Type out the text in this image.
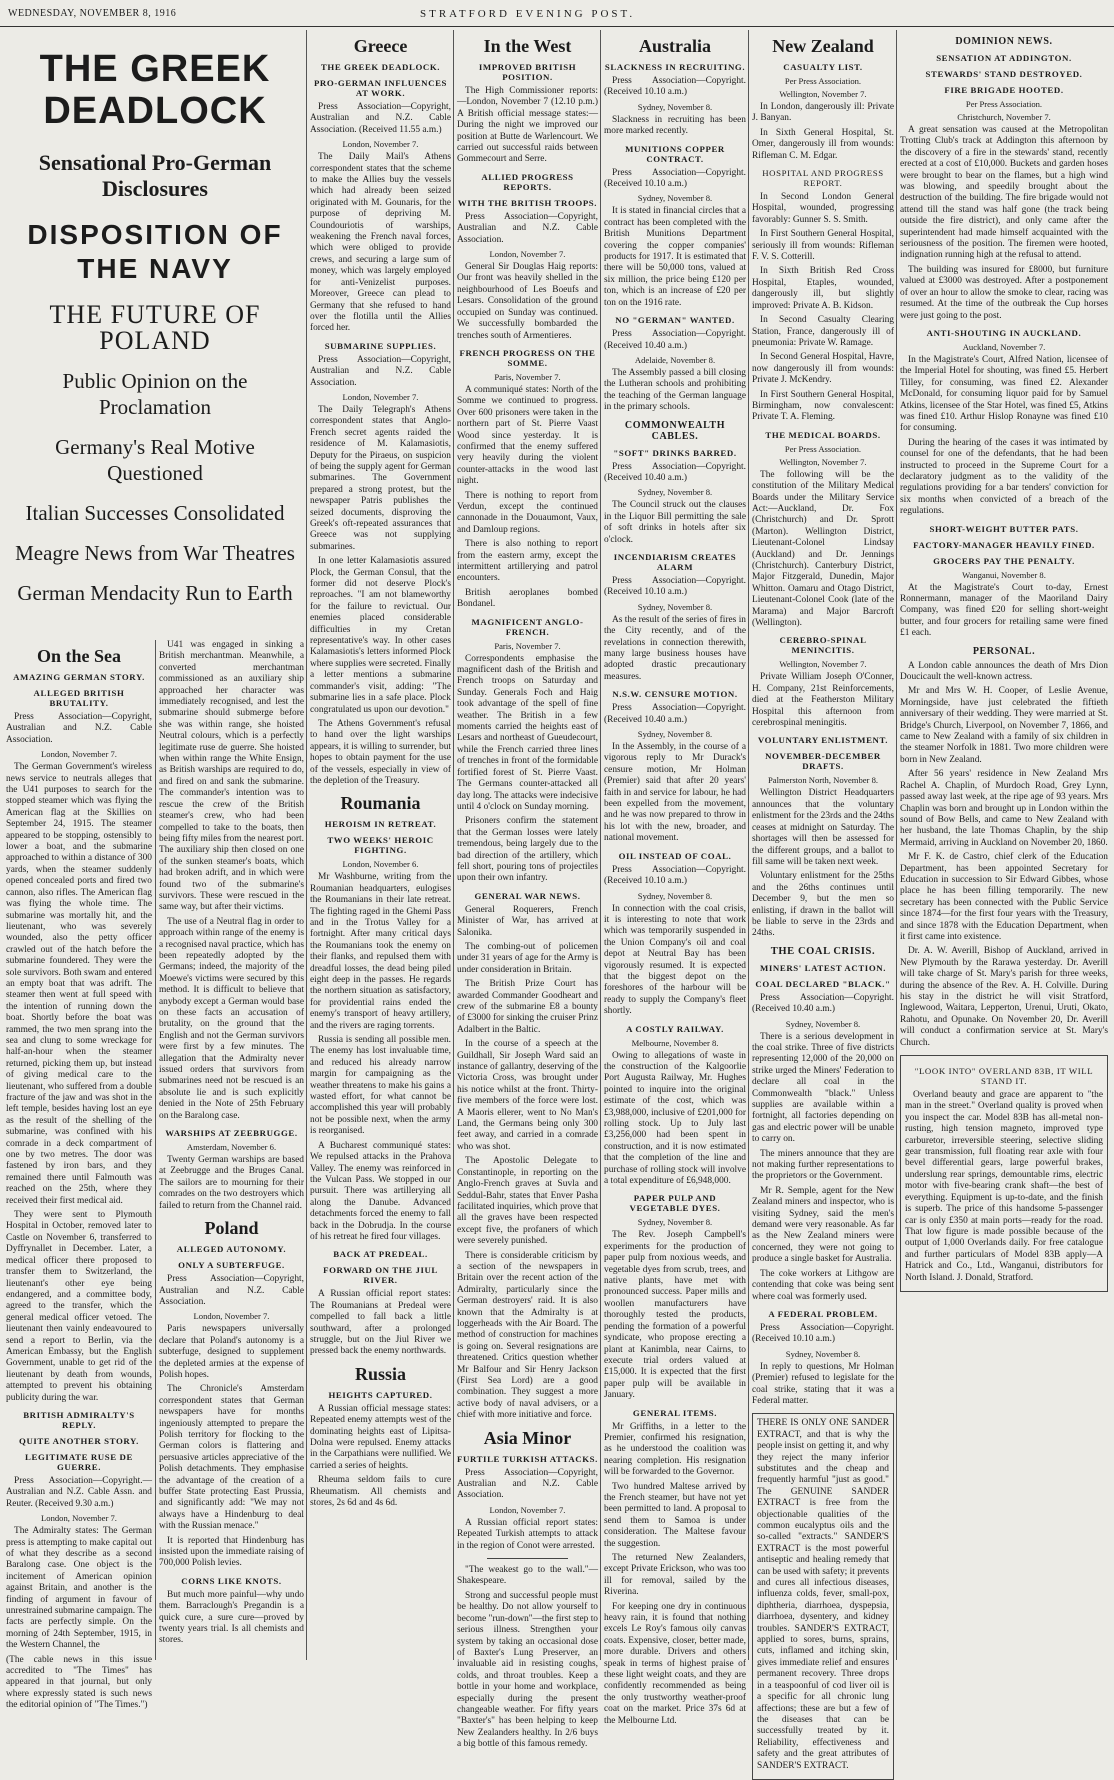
WEDNESDAY, NOVEMBER 8, 1916	STRATFORD EVENING POST.
THE GREEK DEADLOCK
Sensational Pro-German Disclosures
DISPOSITION OF THE NAVY
THE FUTURE OF POLAND
Public Opinion on the Proclamation
Germany's Real Motive Questioned
Italian Successes Consolidated
Meagre News from War Theatres
German Mendacity Run to Earth
On the Sea
AMAZING GERMAN STORY.
ALLEGED BRITISH BRUTALITY.

Press Association—Copyright, Australian and N.Z. Cable Association.

London, November 7.

The German Government's wireless news service to neutrals alleges that the U41 purposes to search for the stopped steamer which was flying the American flag at the Skillies on September 24, 1915. The steamer appeared to be stopping, ostensibly to lower a boat, and the submarine approached to within a distance of 300 yards, when the steamer suddenly opened concealed ports and fired two cannon, also rifles. The American flag was flying the whole time. The submarine was mortally hit, and the lieutenant, who was severely wounded, also the petty officer crawled out of the hatch before the submarine foundered. They were the sole survivors. Both swam and entered an empty boat that was adrift. The steamer then went at full speed with the intention of running down the boat. Shortly before the boat was rammed, the two men sprang into the sea and clung to some wreckage for half-an-hour when the steamer returned, picking them up, but instead of giving medical care to the lieutenant, who suffered from a double fracture of the jaw and was shot in the left temple, besides having lost an eye as the result of the shelling of the submarine, was confined with his comrade in a deck compartment of one by two metres. The door was fastened by iron bars, and they remained there until Falmouth was reached on the 25th, where they received their first medical aid.

They were sent to Plymouth Hospital in October, removed later to Castle on November 6, transferred to Dyffrynallet in December. Later, a medical officer there proposed to transfer them to Switzerland, the lieutenant's other eye being endangered, and a committee body, agreed to the transfer, which the general medical officer vetoed. The lieutenant then vainly endeavoured to send a report to Berlin, via the American Embassy, but the English Government, unable to get rid of the lieutenant by death from wounds, attempted to prevent his obtaining publicity during the war.

BRITISH ADMIRALTY'S REPLY.
QUITE ANOTHER STORY.
LEGITIMATE RUSE DE GUERRE.

Press Association—Copyright.—Australian and N.Z. Cable Assn. and Reuter. (Received 9.30 a.m.)

London, November 7.

The Admiralty states: The German press is attempting to make capital out of what they describe as a second Baralong case. One object is the incitement of American opinion against Britain, and another is the finding of argument in favour of unrestrained submarine campaign. The facts are perfectly simple. On the morning of 24th September, 1915, in the Western Channel, the

(The cable news in this issue accredited to "The Times" has appeared in that journal, but only where expressly stated is such news the editorial opinion of "The Times.")

U41 was engaged in sinking a British merchantman. Meanwhile, a converted merchantman commissioned as an auxiliary ship approached her character was immediately recognised, and lest the submarine should submerge before she was within range, she hoisted Neutral colours, which is a perfectly legitimate ruse de guerre. She hoisted when within range the White Ensign, as British warships are required to do, and fired on and sank the submarine. The commander's intention was to rescue the crew of the British steamer's crew, who had been compelled to take to the boats, then being fifty miles from the nearest port. The auxiliary ship then closed on one of the sunken steamer's boats, which had broken adrift, and in which were found two of the submarine's survivors. These were rescued in the same way, but after their victims.

The use of a Neutral flag in order to approach within range of the enemy is a recognised naval practice, which has been repeatedly adopted by the Germans; indeed, the majority of the Moewe's victims were secured by this method. It is difficult to believe that anybody except a German would base on these facts an accusation of brutality, on the ground that the English and not the German survivors were first by a few minutes. The allegation that the Admiralty never issued orders that survivors from submarines need not be rescued is an absolute lie and is such explicitly denied in the Note of 25th February on the Baralong case.

WARSHIPS AT ZEEBRUGGE.
Amsterdam, November 6.

Twenty German warships are based at Zeebrugge and the Bruges Canal. The sailors are to mourning for their comrades on the two destroyers which failed to return from the Channel raid.

Poland
ALLEGED AUTONOMY.
ONLY A SUBTERFUGE.

Press Association—Copyright, Australian and N.Z. Cable Association.

London, November 7.

Paris newspapers universally declare that Poland's autonomy is a subterfuge, designed to supplement the depleted armies at the expense of Polish hopes.

The Chronicle's Amsterdam correspondent states that German newspapers have for months ingeniously attempted to prepare the Polish territory for flocking to the German colors is flattering and persuasive articles appreciative of the Polish detachments. They emphasise the advantage of the creation of a buffer State protecting East Prussia, and significantly add: "We may not always have a Hindenburg to deal with the Russian menace."

It is reported that Hindenburg has insisted upon the immediate raising of 700,000 Polish levies.

CORNS LIKE KNOTS.

But much more painful—why undo them. Barraclough's Pregandin is a quick cure, a sure cure—proved by twenty years trial. Is all chemists and stores.

Greece
THE GREEK DEADLOCK.
PRO-GERMAN INFLUENCES AT WORK.

Press Association—Copyright, Australian and N.Z. Cable Association. (Received 11.55 a.m.)

London, November 7.

The Daily Mail's Athens correspondent states that the scheme to make the Allies buy the vessels which had already been seized originated with M. Gounaris, for the purpose of depriving M. Coundouriotis of warships, weakening the French naval forces, which were obliged to provide crews, and securing a large sum of money, which was largely employed for anti-Venizelist purposes. Moreover, Greece can plead to Germany that she refused to hand over the flotilla until the Allies forced her.

SUBMARINE SUPPLIES.

Press Association—Copyright, Australian and N.Z. Cable Association.

London, November 7.

The Daily Telegraph's Athens correspondent states that Anglo-French secret agents raided the residence of M. Kalamasiotis, Deputy for the Piraeus, on suspicion of being the supply agent for German submarines. The Government prepared a strong protest, but the newspaper Patris publishes the seized documents, disproving the Greek's oft-repeated assurances that Greece was not supplying submarines.

In one letter Kalamasiotis assured Plock, the German Consul, that the former did not deserve Plock's reproaches. "I am not blameworthy for the failure to revictual. Our enemies placed considerable difficulties in my Cretan representative's way. In other cases Kalamasiotis's letters informed Plock where supplies were secreted. Finally a letter mentions a submarine commander's visit, adding: "The submarine lies in a safe place. Plock congratulated us upon our devotion."

The Athens Government's refusal to hand over the light warships appears, it is willing to surrender, but hopes to obtain payment for the use of the vessels, especially in view of the depletion of the Treasury.

Roumania
HEROISM IN RETREAT.
TWO WEEKS' HEROIC FIGHTING.
London, November 6.

Mr Washburne, writing from the Roumanian headquarters, eulogises the Roumanians in their late retreat. The fighting raged in the Ghemi Pass and in the Trotus Valley for a fortnight. After many critical days the Roumanians took the enemy on their flanks, and repulsed them with dreadful losses, the dead being piled eight deep in the passes. He regards the northern situation as satisfactory, for providential rains ended the enemy's transport of heavy artillery, and the rivers are raging torrents.

Russia is sending all possible men. The enemy has lost invaluable time, and reduced his already narrow margin for campaigning as the weather threatens to make his gains a wasted effort, for what cannot be accomplished this year will probably not be possible next, when the army is reorganised.

A Bucharest communiqué states: We repulsed attacks in the Prahova Valley. The enemy was reinforced in the Vulcan Pass. We stopped in our pursuit. There was artillerying all along the Danube. Advanced detachments forced the enemy to fall back in the Dobrudja. In the course of his retreat he fired four villages.

BACK AT PREDEAL.
FORWARD ON THE JIUL RIVER.

A Russian official report states: The Roumanians at Predeal were compelled to fall back a little southward, after a prolonged struggle, but on the Jiul River we pressed back the enemy northwards.

Russia
HEIGHTS CAPTURED.

A Russian official message states: Repeated enemy attempts west of the dominating heights east of Lipitsa-Dolna were repulsed. Enemy attacks in the Carpathians were nullified. We carried a series of heights.

Rheuma seldom fails to cure Rheumatism. All chemists and stores, 2s 6d and 4s 6d.

In the West
IMPROVED BRITISH POSITION.

The High Commissioner reports:—London, November 7 (12.10 p.m.) A British official message states:—During the night we improved our position at Butte de Warlencourt. We carried out successful raids between Gommecourt and Serre.

ALLIED PROGRESS REPORTS.
WITH THE BRITISH TROOPS.

Press Association—Copyright, Australian and N.Z. Cable Association.

London, November 7.

General Sir Douglas Haig reports: Our front was heavily shelled in the neighbourhood of Les Boeufs and Lesars. Consolidation of the ground occupied on Sunday was continued. We successfully bombarded the trenches south of Armentieres.

FRENCH PROGRESS ON THE SOMME.
Paris, November 7.

A communiqué states: North of the Somme we continued to progress. Over 600 prisoners were taken in the northern part of St. Pierre Vaast Wood since yesterday. It is confirmed that the enemy suffered very heavily during the violent counter-attacks in the wood last night.

There is nothing to report from Verdun, except the continued cannonade in the Douaumont, Vaux, and Damloup regions.

There is also nothing to report from the eastern army, except the intermittent artillerying and patrol encounters.

British aeroplanes bombed Bondanel.

MAGNIFICENT ANGLO-FRENCH.
Paris, November 7.

Correspondents emphasise the magnificent dash of the British and French troops on Saturday and Sunday. Generals Foch and Haig took advantage of the spell of fine weather. The British in a few moments carried the heights east of Lesars and northeast of Gueudecourt, while the French carried three lines of trenches in front of the formidable fortified forest of St. Pierre Vaast. The Germans counter-attacked all day long. The attacks were indecisive until 4 o'clock on Sunday morning.

Prisoners confirm the statement that the German losses were lately tremendous, being largely due to the bad direction of the artillery, which fell short, pouring tons of projectiles upon their own infantry.

GENERAL WAR NEWS.

General Roquerers, French Minister of War, has arrived at Salonika.

The combing-out of policemen under 31 years of age for the Army is under consideration in Britain.

The British Prize Court has awarded Commander Goodheart and crew of the submarine E8 a bounty of £3000 for sinking the cruiser Prinz Adalbert in the Baltic.

In the course of a speech at the Guildhall, Sir Joseph Ward said an instance of gallantry, deserving of the Victoria Cross, was brought under his notice whilst at the front. Thirty-five members of the force were lost. A Maoris ellerer, went to No Man's Land, the Germans being only 300 feet away, and carried in a comrade who was shot.

The Apostolic Delegate to Constantinople, in reporting on the Anglo-French graves at Suvla and Seddul-Bahr, states that Enver Pasha facilitated inquiries, which prove that all the graves have been respected except five, the profaners of which were severely punished.

There is considerable criticism by a section of the newspapers in Britain over the recent action of the Admiralty, particularly since the German destroyers' raid. It is also known that the Admiralty is at loggerheads with the Air Board. The method of construction for machines is going on. Several resignations are threatened. Critics question whether Mr Balfour and Sir Henry Jackson (First Sea Lord) are a good combination. They suggest a more active body of naval advisers, or a chief with more initiative and force.

Asia Minor
FURTILE TURKISH ATTACKS.

Press Association—Copyright, Australian and N.Z. Cable Association.

London, November 7.

A Russian official report states: Repeated Turkish attempts to attack in the region of Conot were arrested.

"The weakest go to the wall."—Shakespeare.

Strong and successful people must be healthy. Do not allow yourself to become "run-down"—the first step to serious illness. Strengthen your system by taking an occasional dose of Baxter's Lung Preserver, an invaluable aid in resisting coughs, colds, and throat troubles. Keep a bottle in your home and workplace, especially during the present changeable weather. For fifty years "Baxter's" has been helping to keep New Zealanders healthy. In 2/6 buys a big bottle of this famous remedy.

Australia
SLACKNESS IN RECRUITING.

Press Association—Copyright. (Received 10.10 a.m.)

Sydney, November 8.

Slackness in recruiting has been more marked recently.

MUNITIONS COPPER CONTRACT.

Press Association—Copyright. (Received 10.10 a.m.)

Sydney, November 8.

It is stated in financial circles that a contract has been completed with the British Munitions Department covering the copper companies' products for 1917. It is estimated that there will be 50,000 tons, valued at six million, the price being £120 per ton, which is an increase of £20 per ton on the 1916 rate.

NO "GERMAN" WANTED.

Press Association—Copyright. (Received 10.40 a.m.)

Adelaide, November 8.

The Assembly passed a bill closing the Lutheran schools and prohibiting the teaching of the German language in the primary schools.

COMMONWEALTH CABLES.
"SOFT" DRINKS BARRED.

Press Association—Copyright. (Received 10.40 a.m.)

Sydney, November 8.

The Council struck out the clauses in the Liquor Bill permitting the sale of soft drinks in hotels after six o'clock.

INCENDIARISM CREATES ALARM

Press Association—Copyright. (Received 10.10 a.m.)

Sydney, November 8.

As the result of the series of fires in the City recently, and of the revelations in connection therewith, many large business houses have adopted drastic precautionary measures.

N.S.W. CENSURE MOTION.

Press Association—Copyright. (Received 10.40 a.m.)

Sydney, November 8.

In the Assembly, in the course of a vigorous reply to Mr Durack's censure motion, Mr Holman (Premier) said that after 20 years' faith in and service for labour, he had been expelled from the movement, and he was now prepared to throw in his lot with the new, broader, and national movement.

OIL INSTEAD OF COAL.

Press Association—Copyright. (Received 10.10 a.m.)

Sydney, November 8.

In connection with the coal crisis, it is interesting to note that work which was temporarily suspended in the Union Company's oil and coal depot at Neutral Bay has been vigorously resumed. It is expected that the biggest depot on the foreshores of the harbour will be ready to supply the Company's fleet shortly.

A COSTLY RAILWAY.
Melbourne, November 8.

Owing to allegations of waste in the construction of the Kalgoorlie Port Augusta Railway, Mr. Hughes pointed to inquire into the original estimate of the cost, which was £3,988,000, inclusive of £201,000 for rolling stock. Up to July last £3,256,000 had been spent in construction, and it is now estimated that the completion of the line and purchase of rolling stock will involve a total expenditure of £6,948,000.

PAPER PULP AND VEGETABLE DYES.
Sydney, November 8.

The Rev. Joseph Campbell's experiments for the production of paper pulp from noxious weeds, and vegetable dyes from scrub, trees, and native plants, have met with pronounced success. Paper mills and woollen manufacturers have thoroughly tested the products, pending the formation of a powerful syndicate, who propose erecting a plant at Kanimbla, near Cairns, to execute trial orders valued at £15,000. It is expected that the first paper pulp will be available in January.

GENERAL ITEMS.

Mr Griffiths, in a letter to the Premier, confirmed his resignation, as he understood the coalition was nearing completion. His resignation will be forwarded to the Governor.

Two hundred Maltese arrived by the French steamer, but have not yet been permitted to land. A proposal to send them to Samoa is under consideration. The Maltese favour the suggestion.

The returned New Zealanders, except Private Erickson, who was too ill for removal, sailed by the Riverina.

For keeping one dry in continuous heavy rain, it is found that nothing excels Le Roy's famous oily canvas coats. Expensive, closer, better made, more durable. Drivers and others speak in terms of highest praise of these light weight coats, and they are confidently recommended as being the only trustworthy weather-proof coat on the market. Price 37s 6d at the Melbourne Ltd.

New Zealand
CASUALTY LIST.
Per Press Association.
Wellington, November 7.

In London, dangerously ill: Private J. Banyan.

In Sixth General Hospital, St. Omer, dangerously ill from wounds: Rifleman C. M. Edgar.

HOSPITAL AND PROGRESS REPORT.

In Second London General Hospital, wounded, progressing favorably: Gunner S. S. Smith.

In First Southern General Hospital, seriously ill from wounds: Rifleman F. V. S. Cotterill.

In Sixth British Red Cross Hospital, Etaples, wounded, dangerously ill, but slightly improved: Private A. B. Kidson.

In Second Casualty Clearing Station, France, dangerously ill of pneumonia: Private W. Ramage.

In Second General Hospital, Havre, now dangerously ill from wounds: Private J. McKendry.

In First Southern General Hospital, Birmingham, now convalescent: Private T. A. Fleming.

THE MEDICAL BOARDS.
Per Press Association.
Wellington, November 7.

The following will be the constitution of the Military Medical Boards under the Military Service Act:—Auckland, Dr. Fox (Christchurch) and Dr. Sprott (Marton). Wellington District, Lieutenant-Colonel Lindsay (Auckland) and Dr. Jennings (Christchurch). Canterbury District, Major Fitzgerald, Dunedin, Major Whitton. Oamaru and Otago District, Lieutenant-Colonel Cook (late of the Marama) and Major Barcroft (Wellington).

CEREBRO-SPINAL MENINCITIS.
Wellington, November 7.

Private William Joseph O'Conner, H. Company, 21st Reinforcements, died at the Featherston Military Hospital this afternoon from cerebrospinal meningitis.

VOLUNTARY ENLISTMENT.
NOVEMBER-DECEMBER DRAFTS.
Palmerston North, November 8.

Wellington District Headquarters announces that the voluntary enlistment for the 23rds and the 24ths ceases at midnight on Saturday. The shortages will then be assessed for the different groups, and a ballot to fill same will be taken next week.

Voluntary enlistment for the 25ths and the 26ths continues until December 9, but the men so enlisting, if drawn in the ballot will be liable to serve in the 23rds and 24ths.

THE COAL CRISIS.
MINERS' LATEST ACTION.
COAL DECLARED "BLACK."

Press Association—Copyright. (Received 10.40 a.m.)

Sydney, November 8.

There is a serious development in the coal strike. Three of five districts representing 12,000 of the 20,000 on strike urged the Miners' Federation to declare all coal in the Commonwealth "black." Unless supplies are available within a fortnight, all factories depending on gas and electric power will be unable to carry on.

The miners announce that they are not making further representations to the proprietors or the Government.

Mr R. Semple, agent for the New Zealand miners and inspector, who is visiting Sydney, said the men's demand were very reasonable. As far as the New Zealand miners were concerned, they were not going to produce a single basket for Australia.

The coke workers at Lithgow are contending that coke was being sent where coal was formerly used.

A FEDERAL PROBLEM.

Press Association—Copyright. (Received 10.10 a.m.)

Sydney, November 8.

In reply to questions, Mr Holman (Premier) refused to legislate for the coal strike, stating that it was a Federal matter.

THERE IS ONLY ONE SANDER EXTRACT, and that is why the people insist on getting it, and why they reject the many inferior substitutes and the cheap and frequently harmful "just as good." The GENUINE SANDER EXTRACT is free from the objectionable qualities of the common eucalyptus oils and the so-called "extracts." SANDER'S EXTRACT is the most powerful antiseptic and healing remedy that can be used with safety; it prevents and cures all infectious diseases, influenza colds, fever, small-pox, diphtheria, diarrhoea, dyspepsia, diarrhoea, dysentery, and kidney troubles. SANDER'S EXTRACT, applied to sores, burns, sprains, cuts, inflamed and itching skin, gives immediate relief and ensures permanent recovery. Three drops in a teaspoonful of cod liver oil is a specific for all chronic lung affections; these are but a few of the diseases that can be successfully treated by it. Reliability, effectiveness and safety and the great attributes of SANDER'S EXTRACT.

DOMINION NEWS.
SENSATION AT ADDINGTON.
STEWARDS' STAND DESTROYED.
FIRE BRIGADE HOOTED.
Per Press Association.
Christchurch, November 7.

A great sensation was caused at the Metropolitan Trotting Club's track at Addington this afternoon by the discovery of a fire in the stewards' stand, recently erected at a cost of £10,000. Buckets and garden hoses were brought to bear on the flames, but a high wind was blowing, and speedily brought about the destruction of the building. The fire brigade would not attend till the stand was half gone (the track being outside the fire district), and only came after the superintendent had made himself acquainted with the seriousness of the position. The firemen were hooted, indignation running high at the refusal to attend.

The building was insured for £8000, but furniture valued at £3000 was destroyed. After a postponement of over an hour to allow the smoke to clear, racing was resumed. At the time of the outbreak the Cup horses were just going to the post.

ANTI-SHOUTING IN AUCKLAND.
Auckland, November 7.

In the Magistrate's Court, Alfred Nation, licensee of the Imperial Hotel for shouting, was fined £5. Herbert Tilley, for consuming, was fined £2. Alexander McDonald, for consuming liquor paid for by Samuel Atkins, licensee of the Star Hotel, was fined £5, Atkins was fined £10. Arthur Hislop Ronayne was fined £10 for consuming.

During the hearing of the cases it was intimated by counsel for one of the defendants, that he had been instructed to proceed in the Supreme Court for a declaratory judgment as to the validity of the regulations providing for a bar tenders' conviction for six months when convicted of a breach of the regulations.

SHORT-WEIGHT BUTTER PATS.
FACTORY-MANAGER HEAVILY FINED.
GROCERS PAY THE PENALTY.
Wanganui, November 8.

At the Magistrate's Court to-day, Ernest Ronnermann, manager of the Maoriland Dairy Company, was fined £20 for selling short-weight butter, and four grocers for retailing same were fined £1 each.

PERSONAL.

A London cable announces the death of Mrs Dion Doucicault the well-known actress.

Mr and Mrs W. H. Cooper, of Leslie Avenue, Morningside, have just celebrated the fiftieth anniversary of their wedding. They were married at St. Bridge's Church, Liverpool, on November 7, 1866, and came to New Zealand with a family of six children in the steamer Norfolk in 1881. Two more children were born in New Zealand.

After 56 years' residence in New Zealand Mrs Rachel A. Chaplin, of Murdoch Road, Grey Lynn, passed away last week, at the ripe age of 93 years. Mrs Chaplin was born and brought up in London within the sound of Bow Bells, and came to New Zealand with her husband, the late Thomas Chaplin, by the ship Mermaid, arriving in Auckland on November 20, 1860.

Mr F. K. de Castro, chief clerk of the Education Department, has been appointed Secretary for Education in succession to Sir Edward Gibbes, whose place he has been filling temporarily. The new secretary has been connected with the Public Service since 1874—for the first four years with the Treasury, and since 1878 with the Education Department, when it first came into existence.

Dr. A. W. Averill, Bishop of Auckland, arrived in New Plymouth by the Rarawa yesterday. Dr. Averill will take charge of St. Mary's parish for three weeks, during the absence of the Rev. A. H. Colville. During his stay in the district he will visit Stratford, Inglewood, Waitara, Lepperton, Urenui, Uruti, Okato, Rahotu, and Opunake. On November 20, Dr. Averill will conduct a confirmation service at St. Mary's Church.

"LOOK INTO" OVERLAND 83B, IT WILL STAND IT.

Overland beauty and grace are apparent to "the man in the street." Overland quality is proved when you inspect the car. Model 83B has all-metal non-rusting, high tension magneto, improved type carburetor, irreversible steering, selective sliding gear transmission, full floating rear axle with four bevel differential gears, large powerful brakes, underslung rear springs, demountable rims, electric motor with five-bearing crank shaft—the best of everything. Equipment is up-to-date, and the finish is superb. The price of this handsome 5-passenger car is only £350 at main ports—ready for the road. That low figure is made possible because of the output of 1,000 Overlands daily. For free catalogue and further particulars of Model 83B apply—A Hatrick and Co., Ltd., Wanganui, distributors for North Island. J. Donald, Stratford.
